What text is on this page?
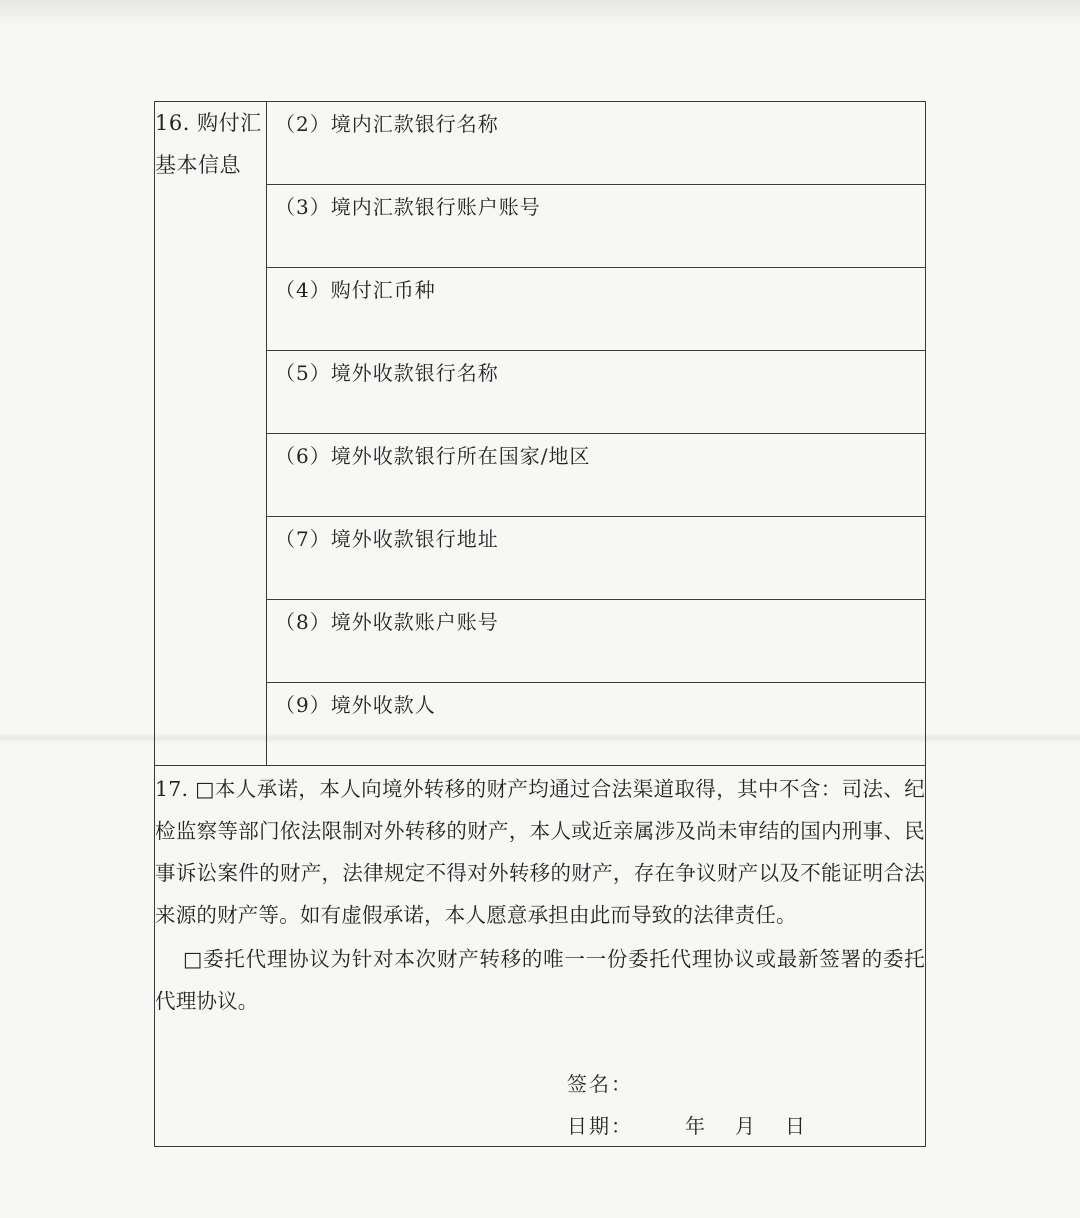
16. 购付汇
基本信息
（2）境内汇款银行名称
（3）境内汇款银行账户账号
（4）购付汇币种
（5）境外收款银行名称
（6）境外收款银行所在国家/地区
（7）境外收款银行地址
（8）境外收款账户账号
（9）境外收款人

17. □本人承诺，本人向境外转移的财产均通过合法渠道取得，其中不含：司法、纪检监察等部门依法限制对外转移的财产，本人或近亲属涉及尚未审结的国内刑事、民事诉讼案件的财产，法律规定不得对外转移的财产，存在争议财产以及不能证明合法来源的财产等。如有虚假承诺，本人愿意承担由此而导致的法律责任。

□委托代理协议为针对本次财产转移的唯一一份委托代理协议或最新签署的委托代理协议。

签名：
日期：	年 月 日
